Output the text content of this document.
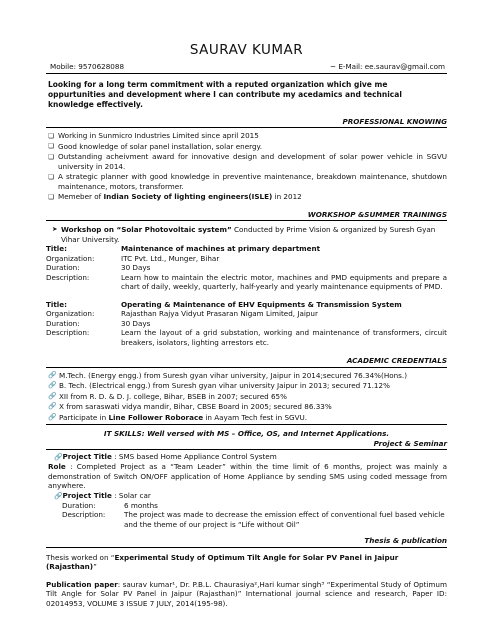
SAURAV KUMAR
Mobile: 9570628088	~ E-Mail: ee.saurav@gmail.com
Looking for a long term commitment with a reputed organization which give me oppurtunities and development where I can contribute my acedamics and technical knowledge effectively.
PROFESSIONAL KNOWING
❏ Working in Sunmicro Industries Limited since april 2015
❏ Good knowledge of solar panel installation, solar energy.
❏ Outstanding acheivment award for innovative design and development of solar power vehicle in SGVU university in 2014.
❏ A strategic planner with good knowledge in preventive maintenance, breakdown maintenance, shutdown maintenance, motors, transformer.
❏ Memeber of Indian Society of lighting engineers(ISLE) in 2012
WORKSHOP &SUMMER TRAININGS
➤ Workshop on “Solar Photovoltaic system” Conducted by Prime Vision & organized by Suresh Gyan Vihar University.
Title:	Maintenance of machines at primary department
Organization:	ITC Pvt. Ltd., Munger, Bihar
Duration:	30 Days
Description:	Learn how to maintain the electric motor, machines and PMD equipments and prepare a chart of daily, weekly, quarterly, half-yearly and yearly maintenance equipments of PMD.
Title:	Operating & Maintenance of EHV Equipments & Transmission System
Organization:	Rajasthan Rajya Vidyut Prasaran Nigam Limited, Jaipur
Duration:	30 Days
Description:	Learn the layout of a grid substation, working and maintenance of transformers, circuit breakers, isolators, lighting arrestors etc.
ACADEMIC CREDENTIALS
🔗 M.Tech. (Energy engg.) from Suresh gyan vihar university, Jaipur in 2014;secured 76.34%(Hons.)
🔗 B. Tech. (Electrical engg.) from Suresh gyan vihar university Jaipur in 2013; secured 71.12%
🔗 XII from R. D. & D. J. college, Bihar, BSEB in 2007; secured 65%
🔗 X from saraswati vidya mandir, Bihar, CBSE Board in 2005; secured 86.33%
🔗 Participate in Line Follower Roborace in Aayam Tech fest in SGVU.
IT SKILLS: Well versed with MS – Office, OS, and Internet Applications.
Project & Seminar
🔗Project Title : SMS based Home Appliance Control System
Role : Completed Project as a “Team Leader” within the time limit of 6 months, project was mainly a demonstration of Switch ON/OFF application of Home Appliance by sending SMS using coded message from anywhere.
🔗Project Title : Solar car
Duration:	6 months
Description:	The project was made to decrease the emission effect of conventional fuel based vehicle and the theme of our project is “Life without Oil”
Thesis & publication
Thesis worked on “Experimental Study of Optimum Tilt Angle for Solar PV Panel in Jaipur (Rajasthan)”
Publication paper: saurav kumar¹, Dr. P.B.L. Chaurasiya²,Hari kumar singh³ “Experimental Study of Optimum Tilt Angle for Solar PV Panel in Jaipur (Rajasthan)” International journal science and research, Paper ID: 02014953, VOLUME 3 ISSUE 7 JULY, 2014(195-98).
